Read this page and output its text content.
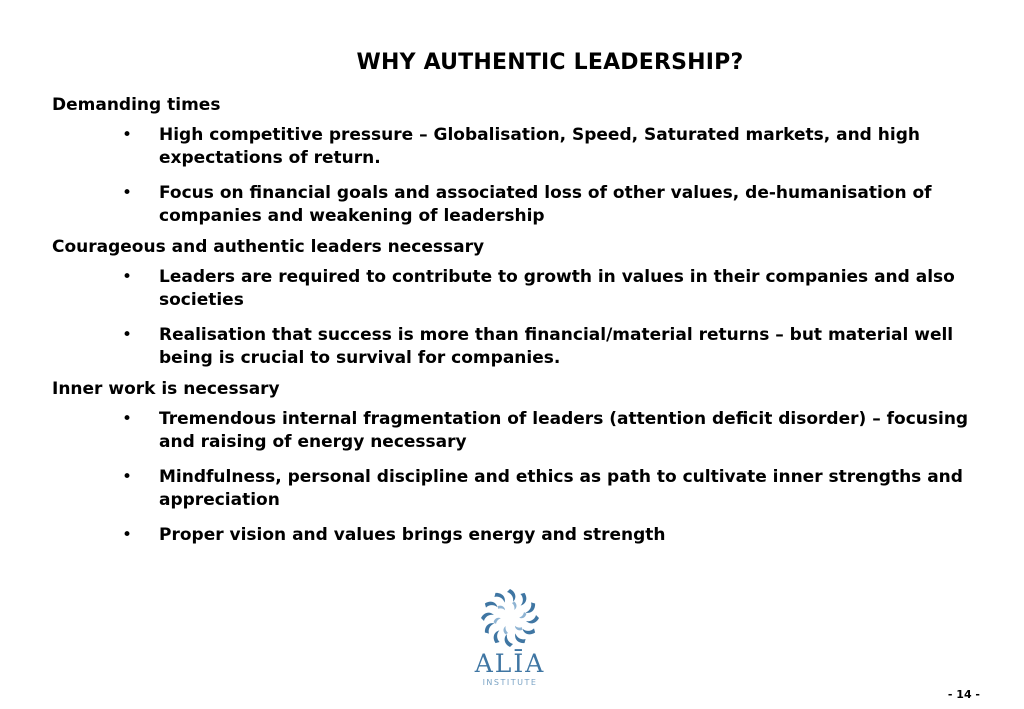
WHY AUTHENTIC LEADERSHIP?
Demanding times
• High competitive pressure – Globalisation, Speed, Saturated markets, and high expectations of return.
• Focus on financial goals and associated loss of other values, de-humanisation of companies and weakening of leadership
Courageous and authentic leaders necessary
• Leaders are required to contribute to growth in values in their companies and also societies
• Realisation that success is more than financial/material returns – but material well being is crucial to survival for companies.
Inner work is necessary
• Tremendous internal fragmentation of leaders (attention deficit disorder) – focusing and raising of energy necessary
• Mindfulness, personal discipline and ethics as path to cultivate inner strengths and appreciation
• Proper vision and values brings energy and strength
ALĪA
INSTITUTE
- 14 -
